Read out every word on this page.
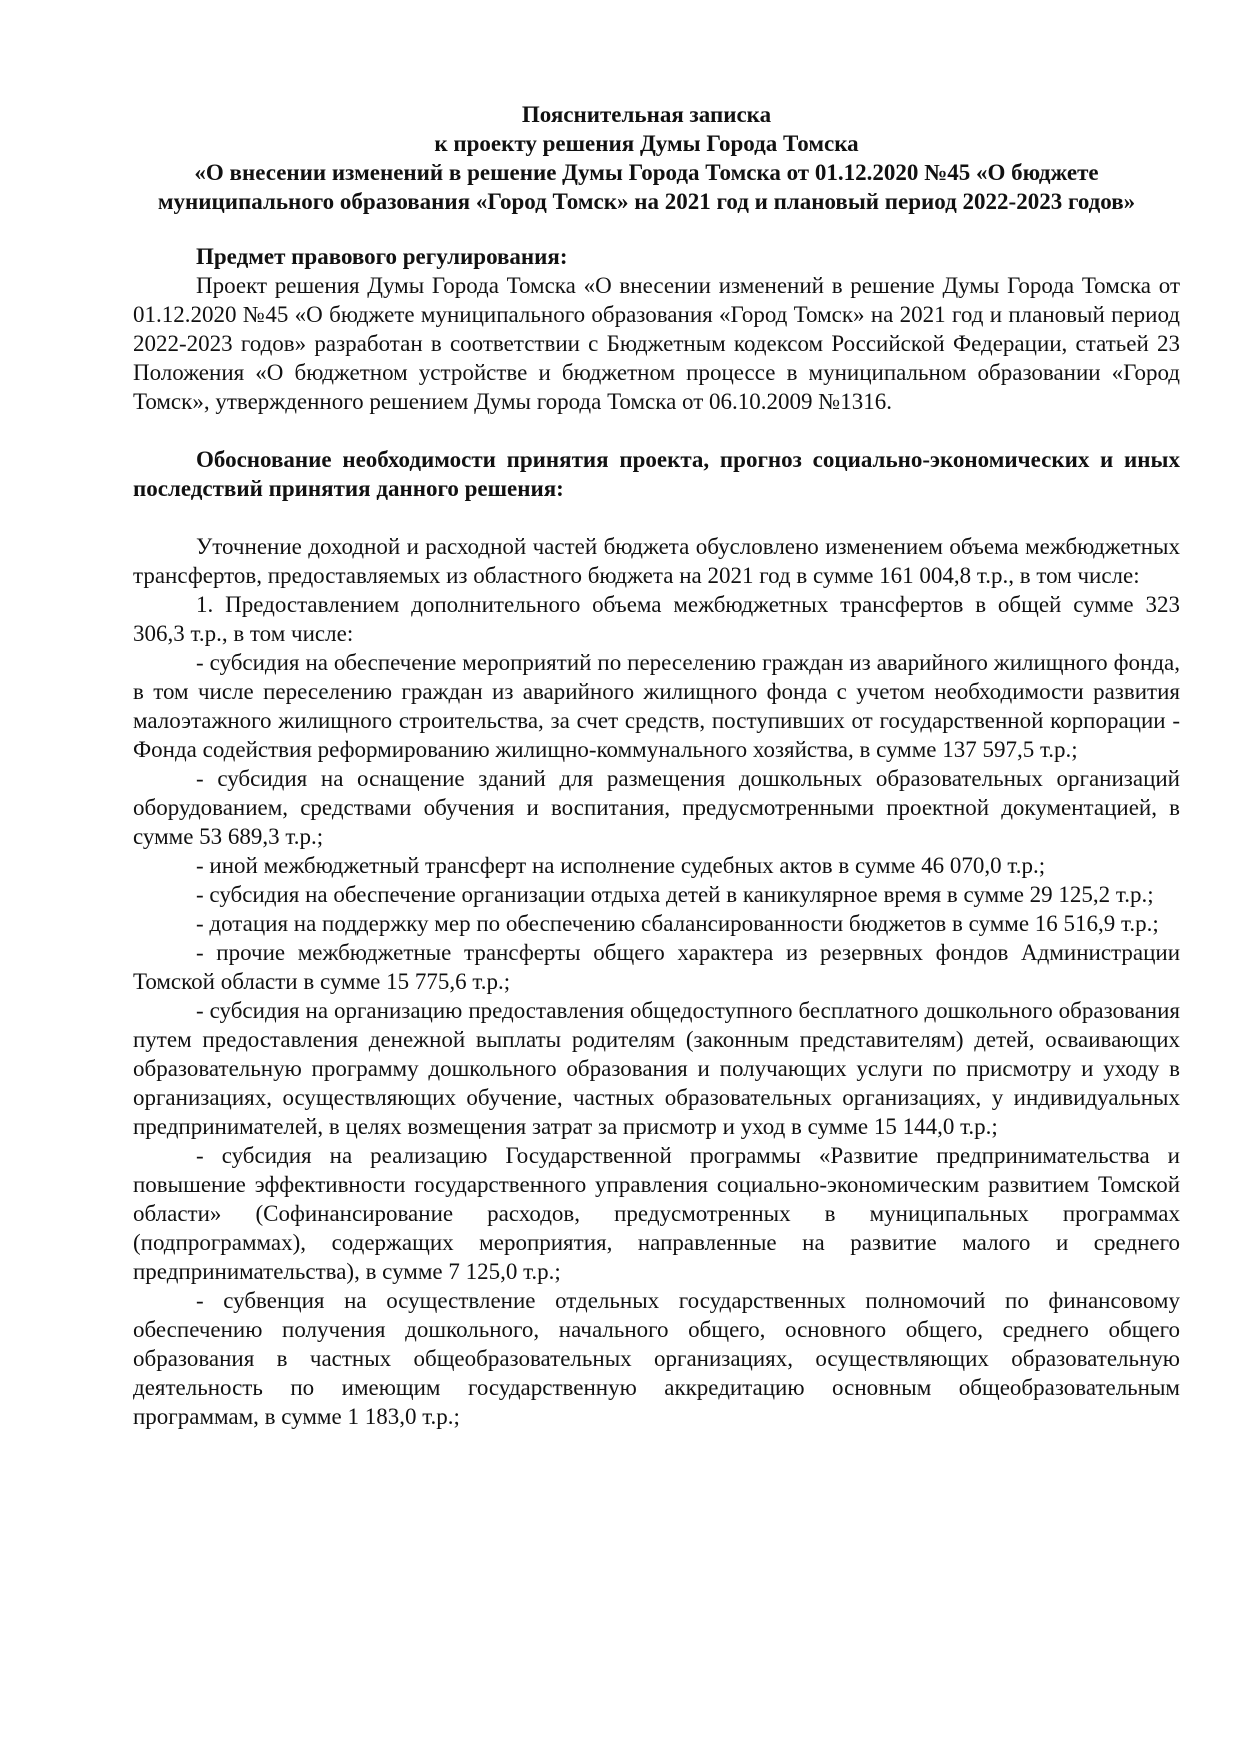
Пояснительная записка
к проекту решения Думы Города Томска
«О внесении изменений в решение Думы Города Томска от 01.12.2020 №45 «О бюджете муниципального образования «Город Томск» на 2021 год и плановый период 2022-2023 годов»
Предмет правового регулирования:

Проект решения Думы Города Томска «О внесении изменений в решение Думы Города Томска от 01.12.2020 №45 «О бюджете муниципального образования «Город Томск» на 2021 год и плановый период 2022-2023 годов» разработан в соответствии с Бюджетным кодексом Российской Федерации, статьей 23 Положения «О бюджетном устройстве и бюджетном процессе в муниципальном образовании «Город Томск», утвержденного решением Думы города Томска от 06.10.2009 №1316.

Обоснование необходимости принятия проекта, прогноз социально-экономических и иных последствий принятия данного решения:

Уточнение доходной и расходной частей бюджета обусловлено изменением объема межбюджетных трансфертов, предоставляемых из областного бюджета на 2021 год в сумме 161 004,8 т.р., в том числе:

1. Предоставлением дополнительного объема межбюджетных трансфертов в общей сумме 323 306,3 т.р., в том числе:

- субсидия на обеспечение мероприятий по переселению граждан из аварийного жилищного фонда, в том числе переселению граждан из аварийного жилищного фонда с учетом необходимости развития малоэтажного жилищного строительства, за счет средств, поступивших от государственной корпорации - Фонда содействия реформированию жилищно-коммунального хозяйства, в сумме 137 597,5 т.р.;

- субсидия на оснащение зданий для размещения дошкольных образовательных организаций оборудованием, средствами обучения и воспитания, предусмотренными проектной документацией, в сумме 53 689,3 т.р.;

- иной межбюджетный трансферт на исполнение судебных актов в сумме 46 070,0 т.р.;

- субсидия на обеспечение организации отдыха детей в каникулярное время в сумме 29 125,2 т.р.;

- дотация на поддержку мер по обеспечению сбалансированности бюджетов в сумме 16 516,9 т.р.;

- прочие межбюджетные трансферты общего характера из резервных фондов Администрации Томской области в сумме 15 775,6 т.р.;

- субсидия на организацию предоставления общедоступного бесплатного дошкольного образования путем предоставления денежной выплаты родителям (законным представителям) детей, осваивающих образовательную программу дошкольного образования и получающих услуги по присмотру и уходу в организациях, осуществляющих обучение, частных образовательных организациях, у индивидуальных предпринимателей, в целях возмещения затрат за присмотр и уход в сумме 15 144,0 т.р.;

- субсидия на реализацию Государственной программы «Развитие предпринимательства и повышение эффективности государственного управления социально-экономическим развитием Томской области» (Софинансирование расходов, предусмотренных в муниципальных программах (подпрограммах), содержащих мероприятия, направленные на развитие малого и среднего предпринимательства), в сумме 7 125,0 т.р.;

- субвенция на осуществление отдельных государственных полномочий по финансовому обеспечению получения дошкольного, начального общего, основного общего, среднего общего образования в частных общеобразовательных организациях, осуществляющих образовательную деятельность по имеющим государственную аккредитацию основным общеобразовательным программам, в сумме 1 183,0 т.р.;
